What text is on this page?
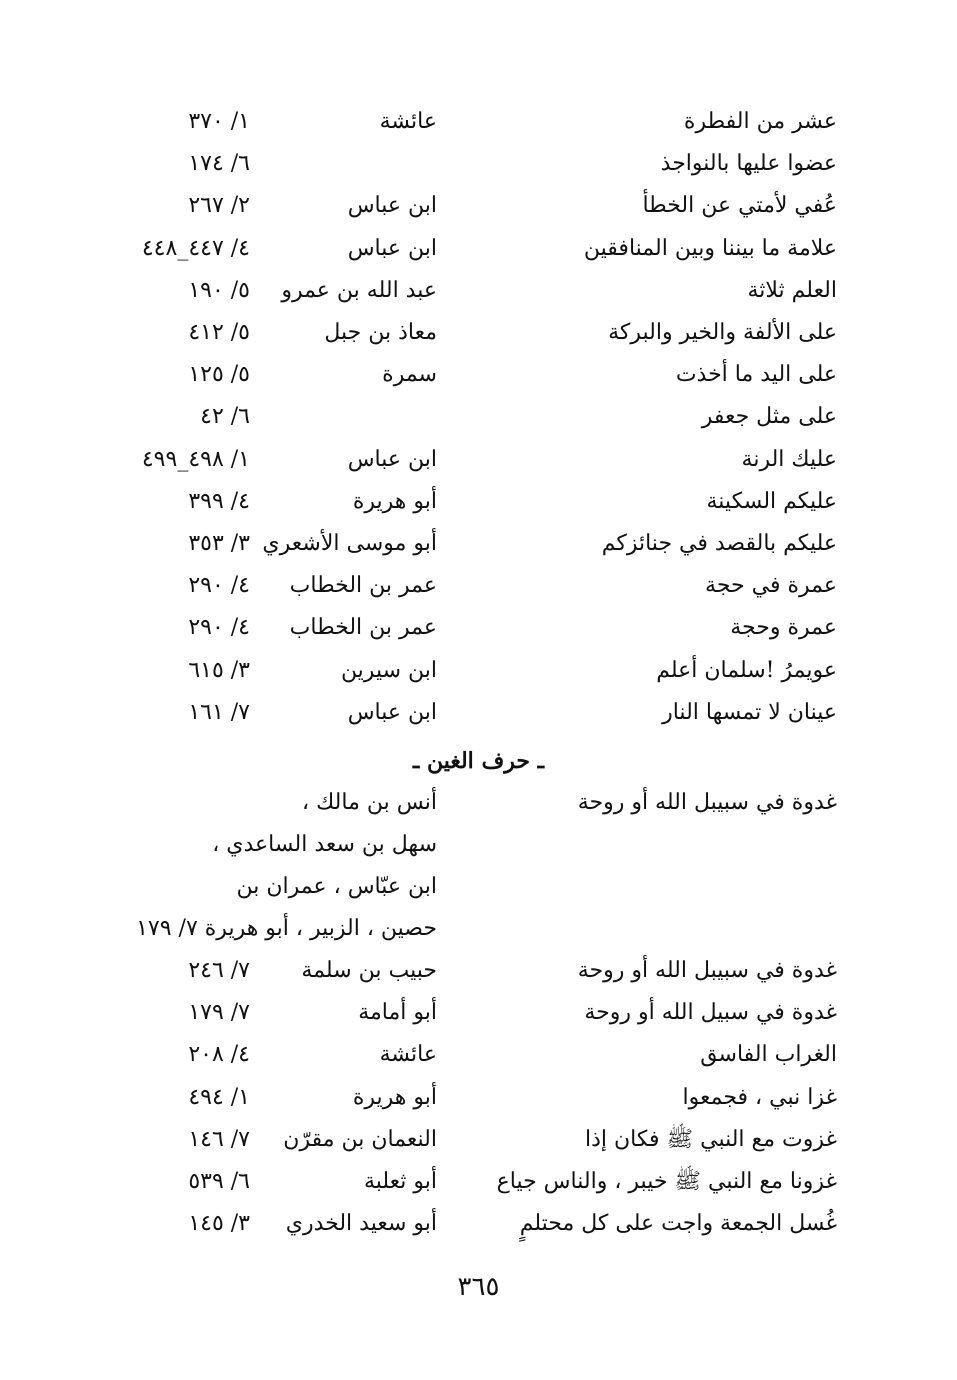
عشر من الفطرة
عائشة
١/ ٣٧٠
عضوا عليها بالنواجذ
٦/ ١٧٤
عُفي لأمتي عن الخطأ
ابن عباس
٢/ ٢٦٧
علامة ما بيننا وبين المنافقين
ابن عباس
٤/ ٤٤٧_٤٤٨
العلم ثلاثة
عبد الله بن عمرو
٥/ ١٩٠
على الألفة والخير والبركة
معاذ بن جبل
٥/ ٤١٢
على اليد ما أخذت
سمرة
٥/ ١٢٥
على مثل جعفر
٦/ ٤٢
عليك الرنة
ابن عباس
١/ ٤٩٨_٤٩٩
عليكم السكينة
أبو هريرة
٤/ ٣٩٩
عليكم بالقصد في جنائزكم
أبو موسى الأشعري
٣/ ٣٥٣
عمرة في حجة
عمر بن الخطاب
٤/ ٢٩٠
عمرة وحجة
عمر بن الخطاب
٤/ ٢٩٠
عويمرُ !سلمان أعلم
ابن سيرين
٣/ ٦١٥
عينان لا تمسها النار
ابن عباس
٧/ ١٦١
ـ حرف الغين ـ
غدوة في سبيبل الله أو روحة
أنس بن مالك ،
سهل بن سعد الساعدي ،
ابن عبّاس ، عمران بن
حصين ، الزبير ، أبو هريرة ٧/ ١٧٩
غدوة في سبيبل الله أو روحة
حبيب بن سلمة
٧/ ٢٤٦
غدوة في سبيل الله أو روحة
أبو أمامة
٧/ ١٧٩
الغراب الفاسق
عائشة
٤/ ٢٠٨
غزا نبي ، فجمعوا
أبو هريرة
١/ ٤٩٤
غزوت مع النبي ﷺ فكان إذا
النعمان بن مقرّن
٧/ ١٤٦
غزونا مع النبي ﷺ خيبر ، والناس جياع
أبو ثعلبة
٦/ ٥٣٩
غُسل الجمعة واجت على كل محتلمٍ
أبو سعيد الخدري
٣/ ١٤٥
٣٦٥
